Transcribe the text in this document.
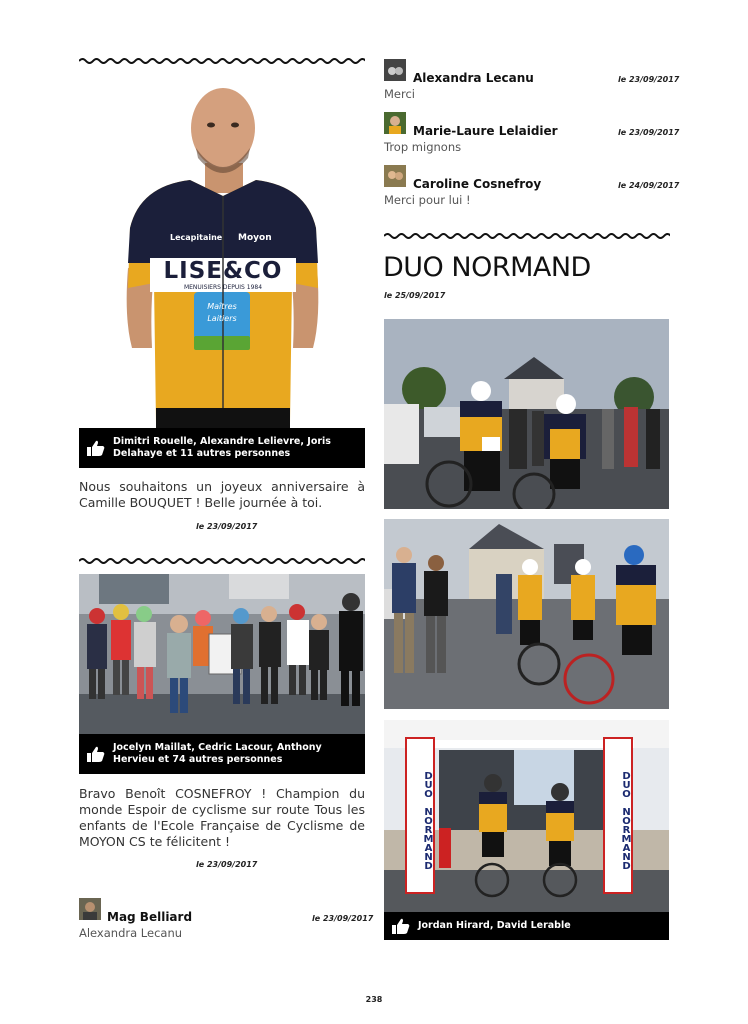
Lecapitaine Moyon
LISE&CO
MENUISIERS DEPUIS 1984
Maîtres
Laitiers
Dimitri Rouelle, Alexandre Lelievre, Joris Delahaye et 11 autres personnes
Nous souhaitons un joyeux anniversaire à Camille BOUQUET ! Belle journée à toi.
le 23/09/2017
Jocelyn Maillat, Cedric Lacour, Anthony Hervieu et 74 autres personnes
Bravo Benoît COSNEFROY ! Champion du monde Espoir de cyclisme sur route Tous les enfants de l'Ecole Française de Cyclisme de MOYON CS te félicitent !
le 23/09/2017
Mag Belliard	le 23/09/2017
Alexandra Lecanu
Alexandra Lecanu	le 23/09/2017
Merci
Marie-Laure Lelaidier	le 23/09/2017
Trop mignons
Caroline Cosnefroy	le 24/09/2017
Merci pour lui !
DUO NORMAND
le 25/09/2017
DUO NORMAND	DUO NORMAND
Jordan Hirard, David Lerable
238
